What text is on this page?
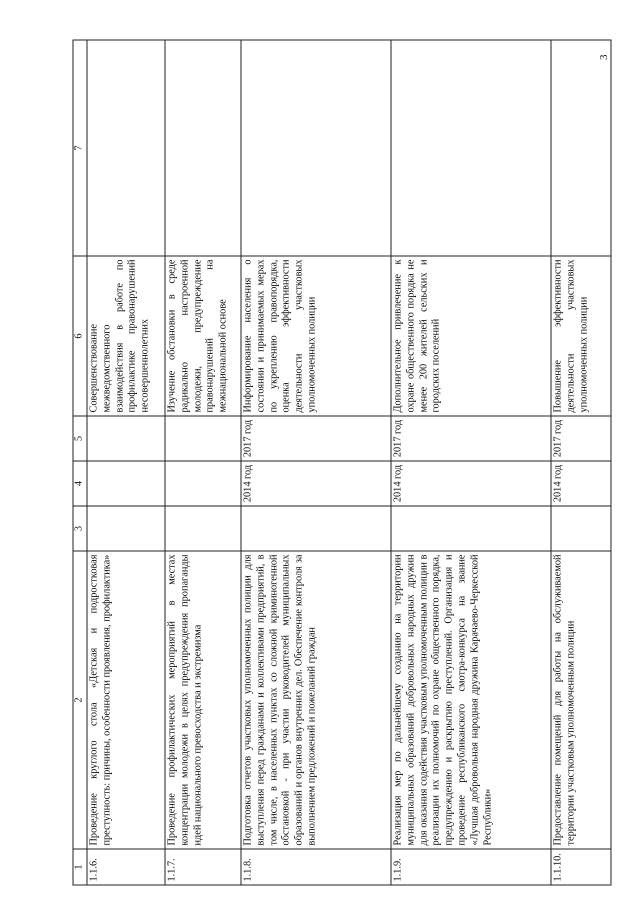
3
1	2	3	4	5	6	7
1.1.6.	Проведение круглого стола «Детская и подростковая преступность: причины, особенности проявления, профилактика»				Совершенствование межведомственного взаимодействия в работе по профилактике правонарушений несовершеннолетних	
1.1.7.	Проведение профилактических мероприятий в местах концентрации молодежи в целях предупреждения пропаганды идей национального превосходства и экстремизма				Изучение обстановки в среде радикально настроенной молодежи, предупреждение правонарушений на межнациональной основе	
1.1.8.	Подготовка отчетов участковых уполномоченных полиции для выступления перед гражданами и коллективами предприятий, в том числе, в населенных пунктах со сложной криминогенной обстановкой - при участии руководителей муниципальных образований и органов внутренних дел. Обеспечение контроля за выполнением предложений и пожеланий граждан		2014 год	2017 год	Информирование населения о состоянии и принимаемых мерах по укреплению правопорядка, оценка эффективности деятельности участковых уполномоченных полиции	
1.1.9.	Реализация мер по дальнейшему созданию на территории муниципальных образований добровольных народных дружин для оказания содействия участковым уполномоченным полиции в реализации их полномочий по охране общественного порядка, предупреждению и раскрытию преступлений. Организация и проведение республиканского смотра-конкурса на звание «Лучшая добровольная народная дружина Карачаево-Черкесской Республики»		2014 год	2017 год	Дополнительное привлечение к охране общественного порядка не менее 200 жителей сельских и городских поселений	
1.1.10.	Предоставление помещений для работы на обслуживаемой территории участковым уполномоченным полиции		2014 год	2017 год	Повышение эффективности деятельности участковых уполномоченных полиции	
